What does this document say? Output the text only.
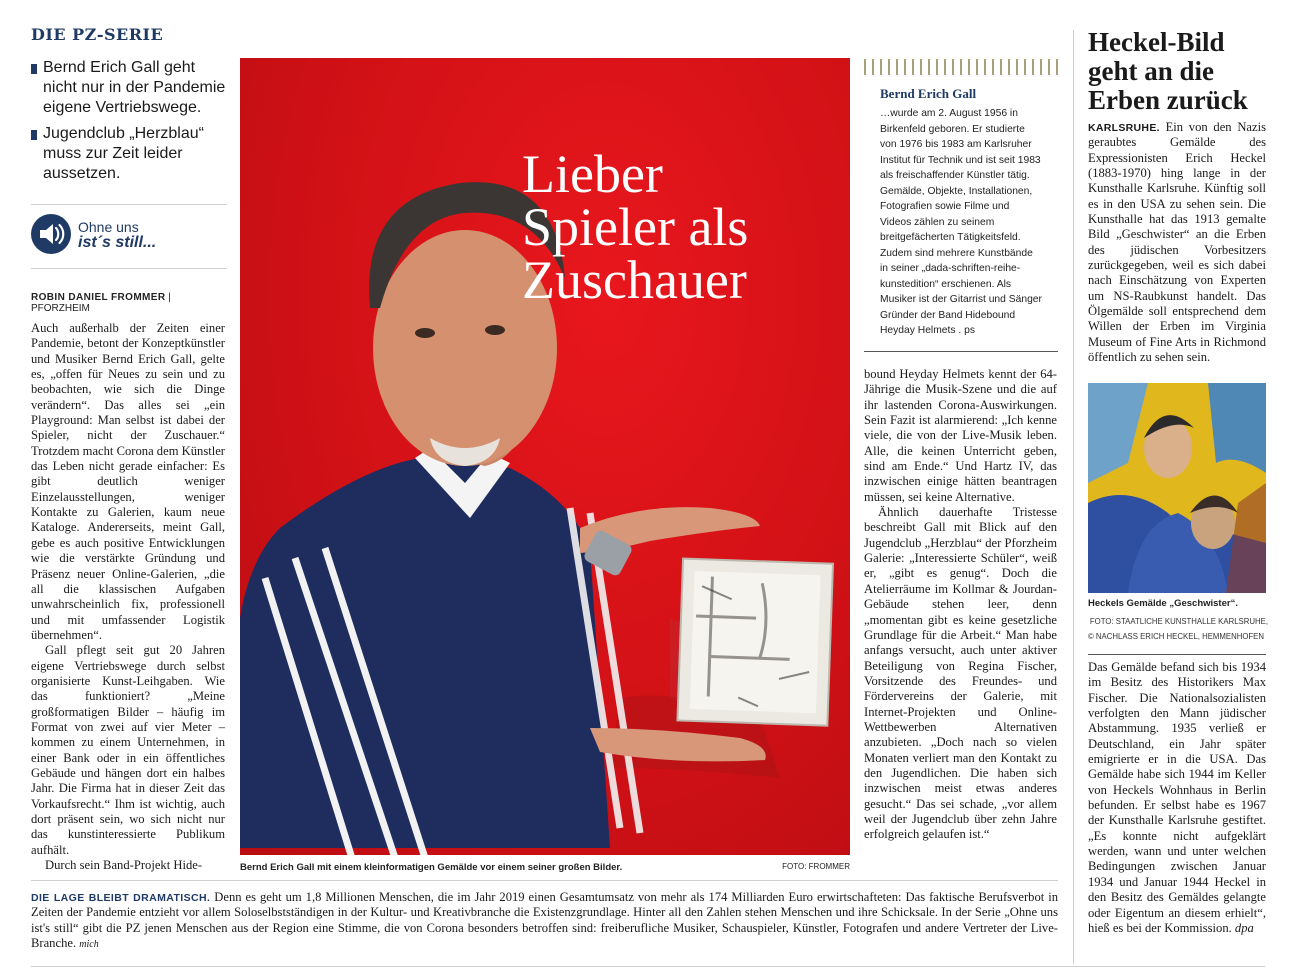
DIE PZ-SERIE
Bernd Erich Gall geht nicht nur in der Pandemie eigene Vertriebswege.
Jugendclub „Herzblau“ muss zur Zeit leider aussetzen.
Ohne uns
ist´s still...
ROBIN DANIEL FROMMER | PFORZHEIM

Auch außerhalb der Zeiten einer Pandemie, betont der Konzeptkünstler und Musiker Bernd Erich Gall, gelte es, „offen für Neues zu sein und zu beobachten, wie sich die Dinge verändern“. Das alles sei „ein Playground: Man selbst ist dabei der Spieler, nicht der Zuschauer.“ Trotzdem macht Corona dem Künstler das Leben nicht gerade einfacher: Es gibt deutlich weniger Einzelausstellungen, weniger Kontakte zu Galerien, kaum neue Kataloge. Andererseits, meint Gall, gebe es auch positive Entwicklungen wie die verstärkte Gründung und Präsenz neuer Online-Galerien, „die all die klassischen Aufgaben unwahrscheinlich fix, professionell und mit umfassender Logistik übernehmen“.

Gall pflegt seit gut 20 Jahren eigene Vertriebswege durch selbst organisierte Kunst-Leihgaben. Wie das funktioniert? „Meine großformatigen Bilder – häufig im Format von zwei auf vier Meter – kommen zu einem Unternehmen, in einer Bank oder in ein öffentliches Gebäude und hängen dort ein halbes Jahr. Die Firma hat in dieser Zeit das Vorkaufsrecht.“ Ihm ist wichtig, auch dort präsent sein, wo sich nicht nur das kunstinteressierte Publikum aufhält.

Durch sein Band-Projekt Hide-

Lieber
Spieler als
Zuschauer
Bernd Erich Gall mit einem kleinformatigen Gemälde vor einem seiner großen Bilder.	FOTO: FROMMER
Bernd Erich Gall
…wurde am 2. August 1956 in Birkenfeld geboren. Er studierte von 1976 bis 1983 am Karlsruher Institut für Technik und ist seit 1983 als freischaffender Künstler tätig. Gemälde, Objekte, Installationen, Fotografien sowie Filme und Videos zählen zu seinem breitgefächerten Tätigkeitsfeld. Zudem sind mehrere Kunstbände in seiner „dada-schriften-reihe-kunstedition“ erschienen. Als Musiker ist der Gitarrist und Sänger Gründer der Band Hidebound Heyday Helmets . ps

bound Heyday Helmets kennt der 64-Jährige die Musik-Szene und die auf ihr lastenden Corona-Auswirkungen. Sein Fazit ist alarmierend: „Ich kenne viele, die von der Live-Musik leben. Alle, die keinen Unterricht geben, sind am Ende.“ Und Hartz IV, das inzwischen einige hätten beantragen müssen, sei keine Alternative.

Ähnlich dauerhafte Tristesse beschreibt Gall mit Blick auf den Jugendclub „Herzblau“ der Pforzheim Galerie: „Interessierte Schüler“, weiß er, „gibt es genug“. Doch die Atelierräume im Kollmar & Jourdan-Gebäude stehen leer, denn „momentan gibt es keine gesetzliche Grundlage für die Arbeit.“ Man habe anfangs versucht, auch unter aktiver Beteiligung von Regina Fischer, Vorsitzende des Freundes- und Fördervereins der Galerie, mit Internet-Projekten und Online-Wettbewerben Alternativen anzubieten. „Doch nach so vielen Monaten verliert man den Kontakt zu den Jugendlichen. Die haben sich inzwischen meist etwas anderes gesucht.“ Das sei schade, „vor allem weil der Jugendclub über zehn Jahre erfolgreich gelaufen ist.“

Heckel-Bild geht an die Erben zurück

KARLSRUHE. Ein von den Nazis geraubtes Gemälde des Expressionisten Erich Heckel (1883-1970) hing lange in der Kunsthalle Karlsruhe. Künftig soll es in den USA zu sehen sein. Die Kunsthalle hat das 1913 gemalte Bild „Geschwister“ an die Erben des jüdischen Vorbesitzers zurückgegeben, weil es sich dabei nach Einschätzung von Experten um NS-Raubkunst handelt. Das Ölgemälde soll entsprechend dem Willen der Erben im Virginia Museum of Fine Arts in Richmond öffentlich zu sehen sein.

Heckels Gemälde „Geschwister“.
FOTO: STAATLICHE KUNSTHALLE KARLSRUHE,
© NACHLASS ERICH HECKEL, HEMMENHOFEN

Das Gemälde befand sich bis 1934 im Besitz des Historikers Max Fischer. Die Nationalsozialisten verfolgten den Mann jüdischer Abstammung. 1935 verließ er Deutschland, ein Jahr später emigrierte er in die USA. Das Gemälde habe sich 1944 im Keller von Heckels Wohnhaus in Berlin befunden. Er selbst habe es 1967 der Kunsthalle Karlsruhe gestiftet. „Es konnte nicht aufgeklärt werden, wann und unter welchen Bedingungen zwischen Januar 1934 und Januar 1944 Heckel in den Besitz des Gemäldes gelangte oder Eigentum an diesem erhielt“, hieß es bei der Kommission. dpa

DIE LAGE BLEIBT DRAMATISCH. Denn es geht um 1,8 Millionen Menschen, die im Jahr 2019 einen Gesamtumsatz von mehr als 174 Milliarden Euro erwirtschafteten: Das faktische Berufsverbot in Zeiten der Pandemie entzieht vor allem Soloselbstständigen in der Kultur- und Kreativbranche die Existenzgrundlage. Hinter all den Zahlen stehen Menschen und ihre Schicksale. In der Serie „Ohne uns ist's still“ gibt die PZ jenen Menschen aus der Region eine Stimme, die von Corona besonders betroffen sind: freiberufliche Musiker, Schauspieler, Künstler, Fotografen und andere Vertreter der Live-Branche. mich
